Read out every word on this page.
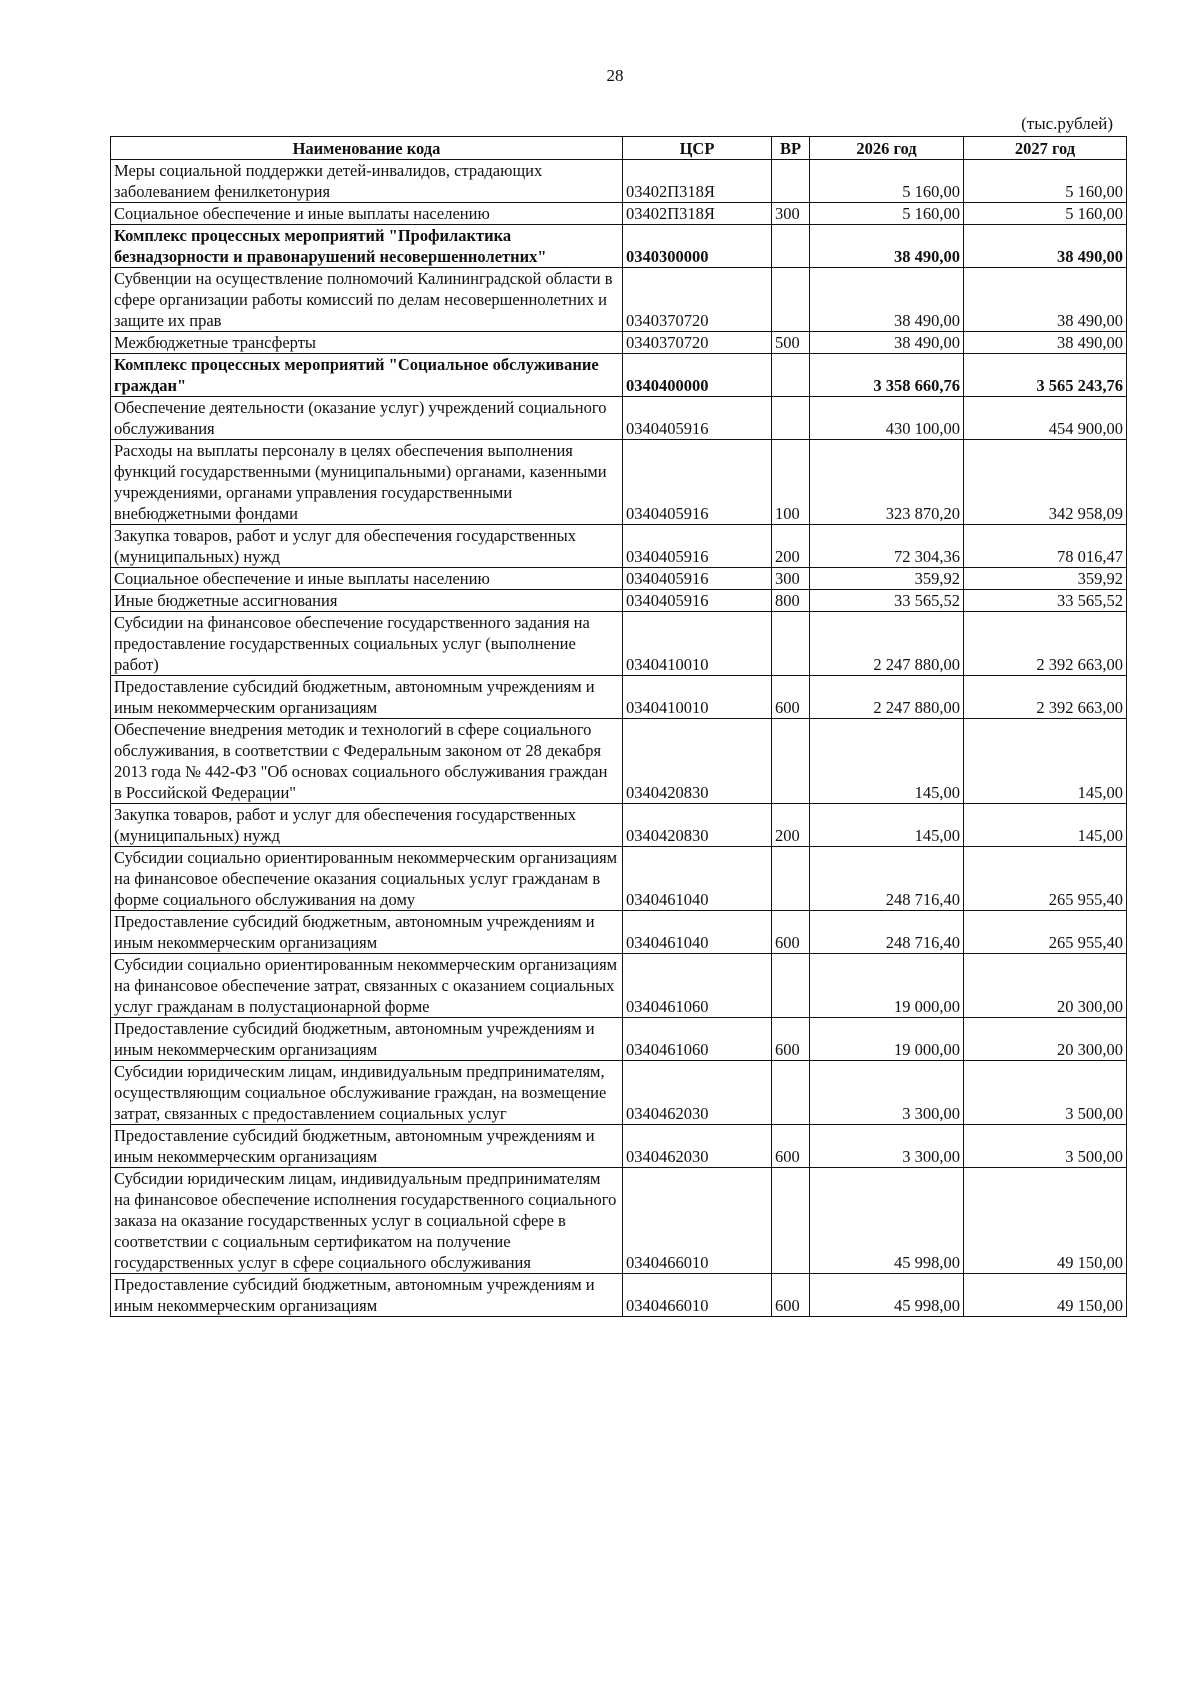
28
(тыс.рублей)
Наименование кода	ЦСР	ВР	2026 год	2027 год
Меры социальной поддержки детей-инвалидов, страдающих заболеванием фенилкетонурия	03402П318Я		5 160,00	5 160,00
Социальное обеспечение и иные выплаты населению	03402П318Я	300	5 160,00	5 160,00
Комплекс процессных мероприятий "Профилактика безнадзорности и правонарушений несовершеннолетних"	0340300000		38 490,00	38 490,00
Субвенции на осуществление полномочий Калининградской области в сфере организации работы комиссий по делам несовершеннолетних и защите их прав	0340370720		38 490,00	38 490,00
Межбюджетные трансферты	0340370720	500	38 490,00	38 490,00
Комплекс процессных мероприятий "Социальное обслуживание граждан"	0340400000		3 358 660,76	3 565 243,76
Обеспечение деятельности (оказание услуг) учреждений социального обслуживания	0340405916		430 100,00	454 900,00
Расходы на выплаты персоналу в целях обеспечения выполнения функций государственными (муниципальными) органами, казенными учреждениями, органами управления государственными внебюджетными фондами	0340405916	100	323 870,20	342 958,09
Закупка товаров, работ и услуг для обеспечения государственных (муниципальных) нужд	0340405916	200	72 304,36	78 016,47
Социальное обеспечение и иные выплаты населению	0340405916	300	359,92	359,92
Иные бюджетные ассигнования	0340405916	800	33 565,52	33 565,52
Субсидии на финансовое обеспечение государственного задания на предоставление государственных социальных услуг (выполнение работ)	0340410010		2 247 880,00	2 392 663,00
Предоставление субсидий бюджетным, автономным учреждениям и иным некоммерческим организациям	0340410010	600	2 247 880,00	2 392 663,00
Обеспечение внедрения методик и технологий в сфере социального обслуживания, в соответствии с Федеральным законом от 28 декабря 2013 года № 442-ФЗ "Об основах социального обслуживания граждан в Российской Федерации"	0340420830		145,00	145,00
Закупка товаров, работ и услуг для обеспечения государственных (муниципальных) нужд	0340420830	200	145,00	145,00
Субсидии социально ориентированным некоммерческим организациям на финансовое обеспечение оказания социальных услуг гражданам в форме социального обслуживания на дому	0340461040		248 716,40	265 955,40
Предоставление субсидий бюджетным, автономным учреждениям и иным некоммерческим организациям	0340461040	600	248 716,40	265 955,40
Субсидии социально ориентированным некоммерческим организациям на финансовое обеспечение затрат, связанных с оказанием социальных услуг гражданам в полустационарной форме	0340461060		19 000,00	20 300,00
Предоставление субсидий бюджетным, автономным учреждениям и иным некоммерческим организациям	0340461060	600	19 000,00	20 300,00
Субсидии юридическим лицам, индивидуальным предпринимателям, осуществляющим социальное обслуживание граждан, на возмещение затрат, связанных с предоставлением социальных услуг	0340462030		3 300,00	3 500,00
Предоставление субсидий бюджетным, автономным учреждениям и иным некоммерческим организациям	0340462030	600	3 300,00	3 500,00
Субсидии юридическим лицам, индивидуальным предпринимателям на финансовое обеспечение исполнения государственного социального заказа на оказание государственных услуг в социальной сфере в соответствии с социальным сертификатом на получение государственных услуг в сфере социального обслуживания	0340466010		45 998,00	49 150,00
Предоставление субсидий бюджетным, автономным учреждениям и иным некоммерческим организациям	0340466010	600	45 998,00	49 150,00
